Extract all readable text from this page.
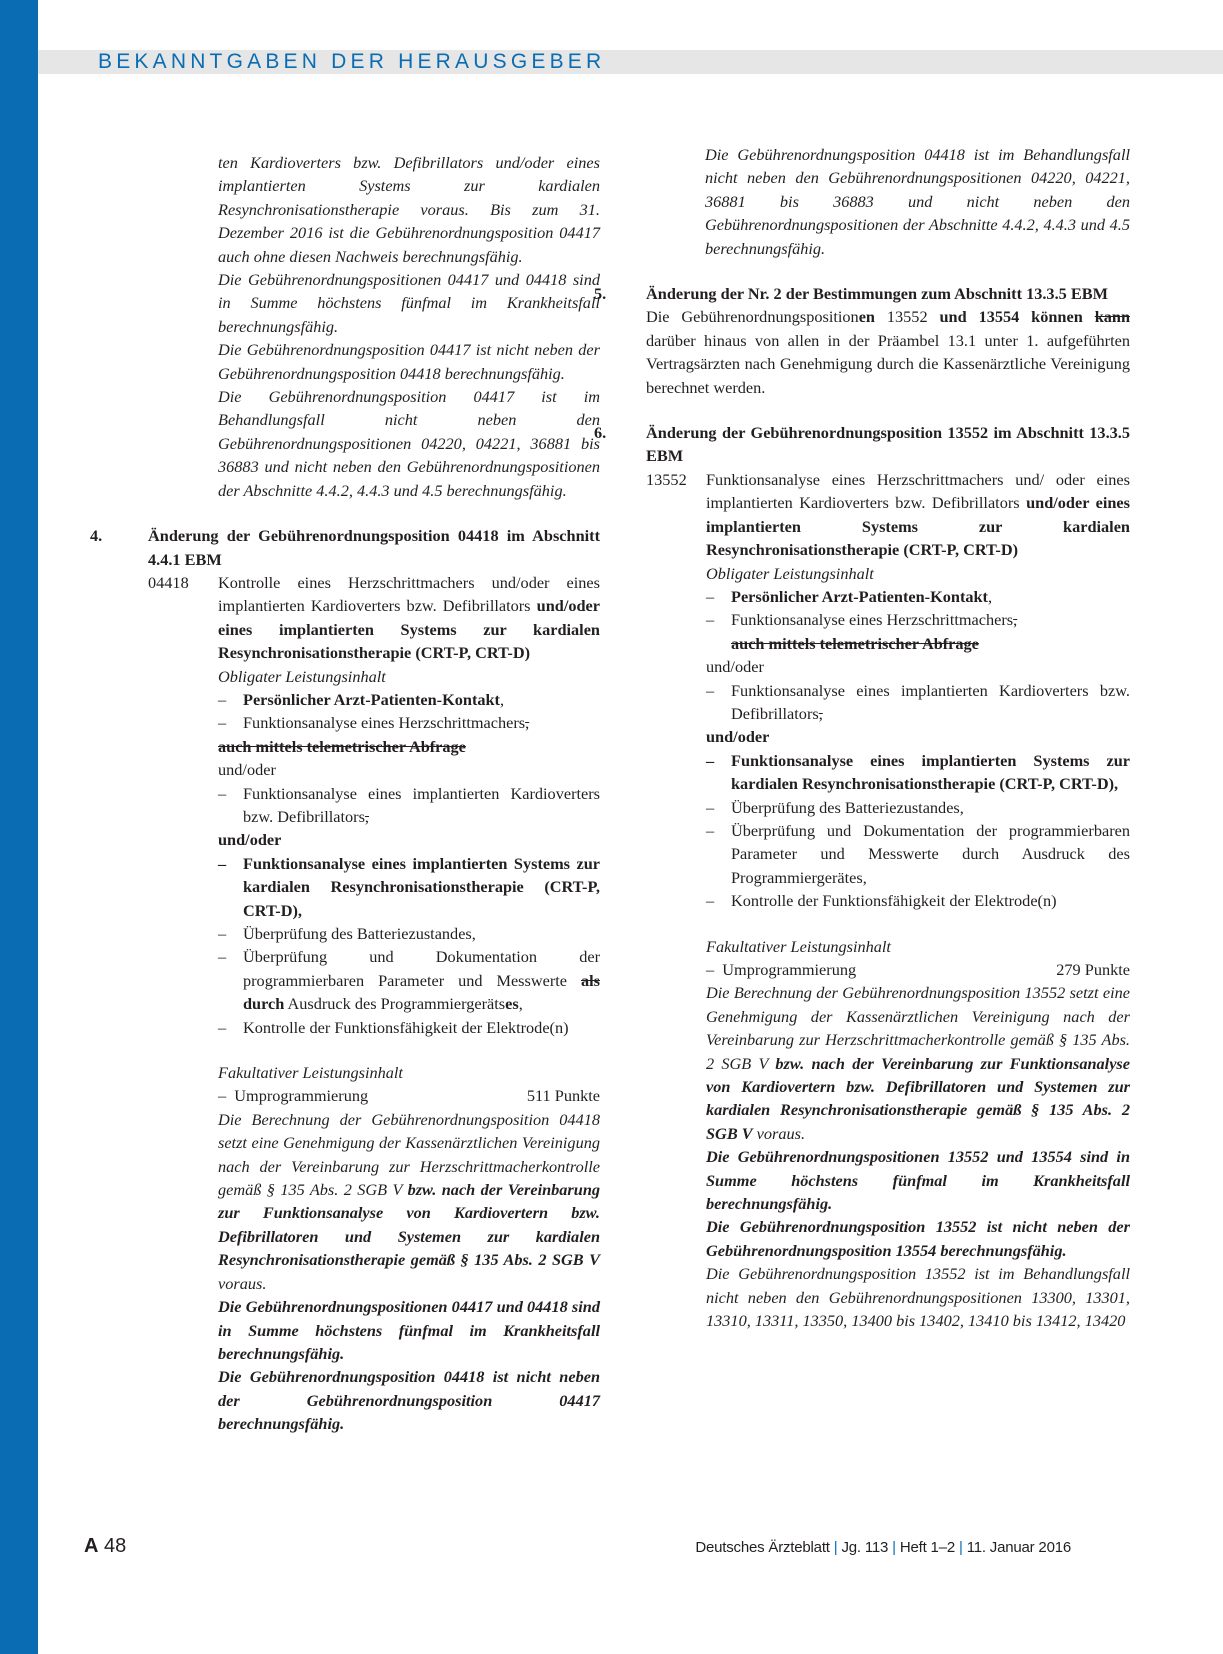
BEKANNTGABEN DER HERAUSGEBER

ten Kardioverters bzw. Defibrillators und/oder eines implantierten Systems zur kardialen Resynchronisationstherapie voraus. Bis zum 31. Dezember 2016 ist die Gebührenordnungsposition 04417 auch ohne diesen Nachweis berechnungsfähig.

Die Gebührenordnungspositionen 04417 und 04418 sind in Summe höchstens fünfmal im Krankheitsfall berechnungsfähig.

Die Gebührenordnungsposition 04417 ist nicht neben der Gebührenordnungsposition 04418 berechnungsfähig.

Die Gebührenordnungsposition 04417 ist im Behandlungsfall nicht neben den Gebührenordnungspositionen 04220, 04221, 36881 bis 36883 und nicht neben den Gebührenordnungspositionen der Abschnitte 4.4.2, 4.4.3 und 4.5 berechnungsfähig.

4.	Änderung der Gebührenordnungsposition 04418 im Abschnitt 4.4.1 EBM

04418	Kontrolle eines Herzschrittmachers und/oder eines implantierten Kardioverters bzw. Defibrillators und/oder eines implantierten Systems zur kardialen Resynchronisationstherapie (CRT-P, CRT-D)

Obligater Leistungsinhalt

–	Persönlicher Arzt-Patienten-Kontakt,
–	Funktionsanalyse eines Herzschrittmachers,

auch mittels telemetrischer Abfrage

und/oder

–	Funktionsanalyse eines implantierten Kardioverters bzw. Defibrillators,

und/oder

–	Funktionsanalyse eines implantierten Systems zur kardialen Resynchronisationstherapie (CRT-P, CRT-D),
–	Überprüfung des Batteriezustandes,
–	Überprüfung und Dokumentation der programmierbaren Parameter und Messwerte als durch Ausdruck des Programmiergerätses,
–	Kontrolle der Funktionsfähigkeit der Elektrode(n)

Fakultativer Leistungsinhalt

– Umprogrammierung	511 Punkte

Die Berechnung der Gebührenordnungsposition 04418 setzt eine Genehmigung der Kassenärztlichen Vereinigung nach der Vereinbarung zur Herzschrittmacherkontrolle gemäß § 135 Abs. 2 SGB V bzw. nach der Vereinbarung zur Funktionsanalyse von Kardiovertern bzw. Defibrillatoren und Systemen zur kardialen Resynchronisationstherapie gemäß § 135 Abs. 2 SGB V voraus.

Die Gebührenordnungspositionen 04417 und 04418 sind in Summe höchstens fünfmal im Krankheitsfall berechnungsfähig.

Die Gebührenordnungsposition 04418 ist nicht neben der Gebührenordnungsposition 04417 berechnungsfähig.

Die Gebührenordnungsposition 04418 ist im Behandlungsfall nicht neben den Gebührenordnungspositionen 04220, 04221, 36881 bis 36883 und nicht neben den Gebührenordnungspositionen der Abschnitte 4.4.2, 4.4.3 und 4.5 berechnungsfähig.

5. Änderung der Nr. 2 der Bestimmungen zum Abschnitt 13.3.5 EBM

Die Gebührenordnungspositionen 13552 und 13554 können kann darüber hinaus von allen in der Präambel 13.1 unter 1. aufgeführten Vertragsärzten nach Genehmigung durch die Kassenärztliche Vereinigung berechnet werden.

6. Änderung der Gebührenordnungsposition 13552 im Abschnitt 13.3.5 EBM

13552	Funktionsanalyse eines Herzschrittmachers und/ oder eines implantierten Kardioverters bzw. Defibrillators und/oder eines implantierten Systems zur kardialen Resynchronisationstherapie (CRT-P, CRT-D)

Obligater Leistungsinhalt

–	Persönlicher Arzt-Patienten-Kontakt,
–	Funktionsanalyse eines Herzschrittmachers,

auch mittels telemetrischer Abfrage

und/oder

–	Funktionsanalyse eines implantierten Kardioverters bzw. Defibrillators,

und/oder

–	Funktionsanalyse eines implantierten Systems zur kardialen Resynchronisationstherapie (CRT-P, CRT-D),
–	Überprüfung des Batteriezustandes,
–	Überprüfung und Dokumentation der programmierbaren Parameter und Messwerte durch Ausdruck des Programmiergerätes,
–	Kontrolle der Funktionsfähigkeit der Elektrode(n)

Fakultativer Leistungsinhalt

– Umprogrammierung	279 Punkte

Die Berechnung der Gebührenordnungsposition 13552 setzt eine Genehmigung der Kassenärztlichen Vereinigung nach der Vereinbarung zur Herzschrittmacherkontrolle gemäß § 135 Abs. 2 SGB V bzw. nach der Vereinbarung zur Funktionsanalyse von Kardiovertern bzw. Defibrillatoren und Systemen zur kardialen Resynchronisationstherapie gemäß § 135 Abs. 2 SGB V voraus.

Die Gebührenordnungspositionen 13552 und 13554 sind in Summe höchstens fünfmal im Krankheitsfall berechnungsfähig.

Die Gebührenordnungsposition 13552 ist nicht neben der Gebührenordnungsposition 13554 berechnungsfähig.

Die Gebührenordnungsposition 13552 ist im Behandlungsfall nicht neben den Gebührenordnungspositionen 13300, 13301, 13310, 13311, 13350, 13400 bis 13402, 13410 bis 13412, 13420

A 48	Deutsches Ärzteblatt | Jg. 113 | Heft 1–2 | 11. Januar 2016
